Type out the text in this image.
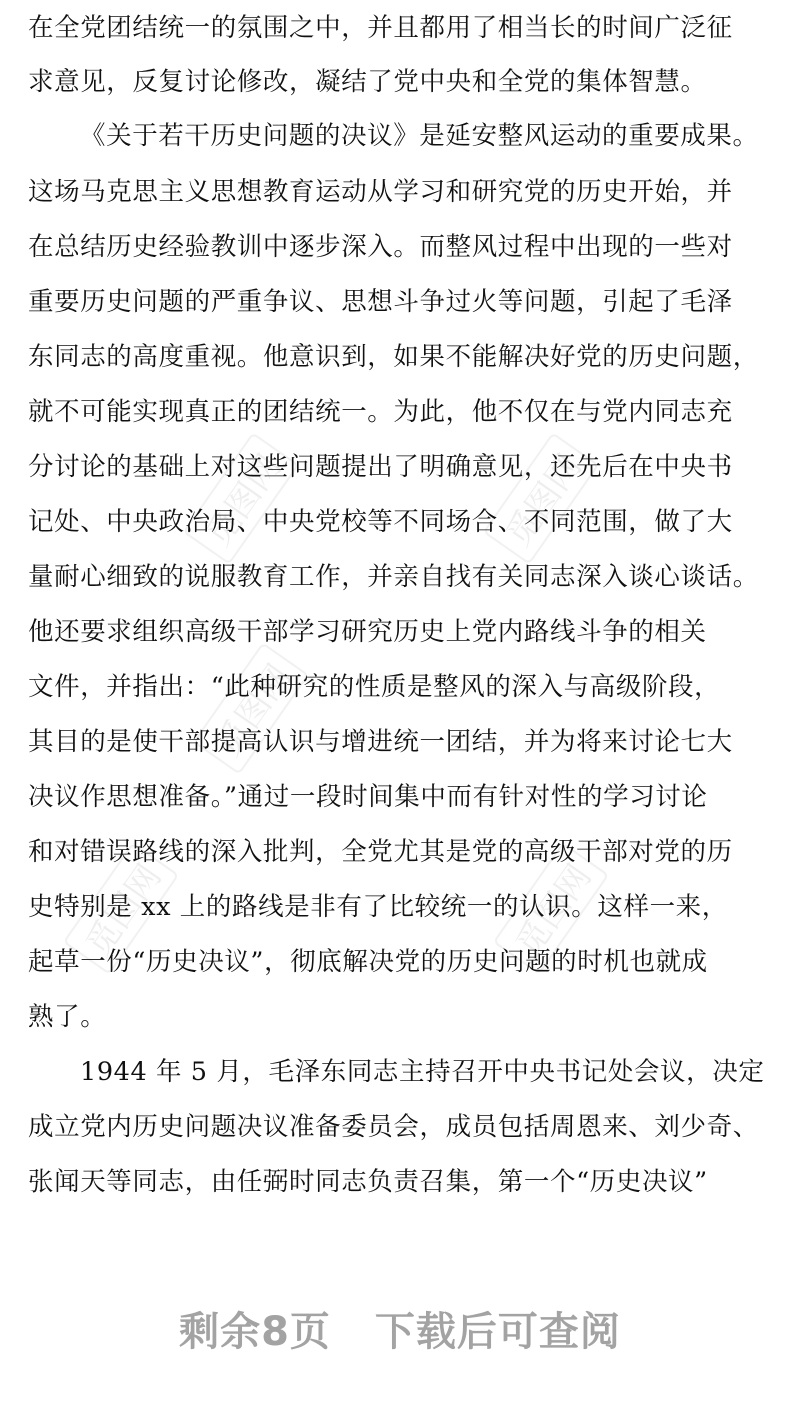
觅图网	觅图网
觅图网
觅图网	觅图网
在全党团结统一的氛围之中，并且都用了相当长的时间广泛征
求意见，反复讨论修改，凝结了党中央和全党的集体智慧。
《关于若干历史问题的决议》是延安整风运动的重要成果。
这场马克思主义思想教育运动从学习和研究党的历史开始，并
在总结历史经验教训中逐步深入。而整风过程中出现的一些对
重要历史问题的严重争议、思想斗争过火等问题，引起了毛泽
东同志的高度重视。他意识到，如果不能解决好党的历史问题，
就不可能实现真正的团结统一。为此，他不仅在与党内同志充
分讨论的基础上对这些问题提出了明确意见，还先后在中央书
记处、中央政治局、中央党校等不同场合、不同范围，做了大
量耐心细致的说服教育工作，并亲自找有关同志深入谈心谈话。
他还要求组织高级干部学习研究历史上党内路线斗争的相关
文件，并指出：“此种研究的性质是整风的深入与高级阶段，
其目的是使干部提高认识与增进统一团结，并为将来讨论七大
决议作思想准备。”通过一段时间集中而有针对性的学习讨论
和对错误路线的深入批判，全党尤其是党的高级干部对党的历
史特别是 xx 上的路线是非有了比较统一的认识。这样一来，
起草一份“历史决议”，彻底解决党的历史问题的时机也就成
熟了。
1944 年 5 月，毛泽东同志主持召开中央书记处会议，决定
成立党内历史问题决议准备委员会，成员包括周恩来、刘少奇、
张闻天等同志，由任弼时同志负责召集，第一个“历史决议”
剩余8页 下载后可查阅
